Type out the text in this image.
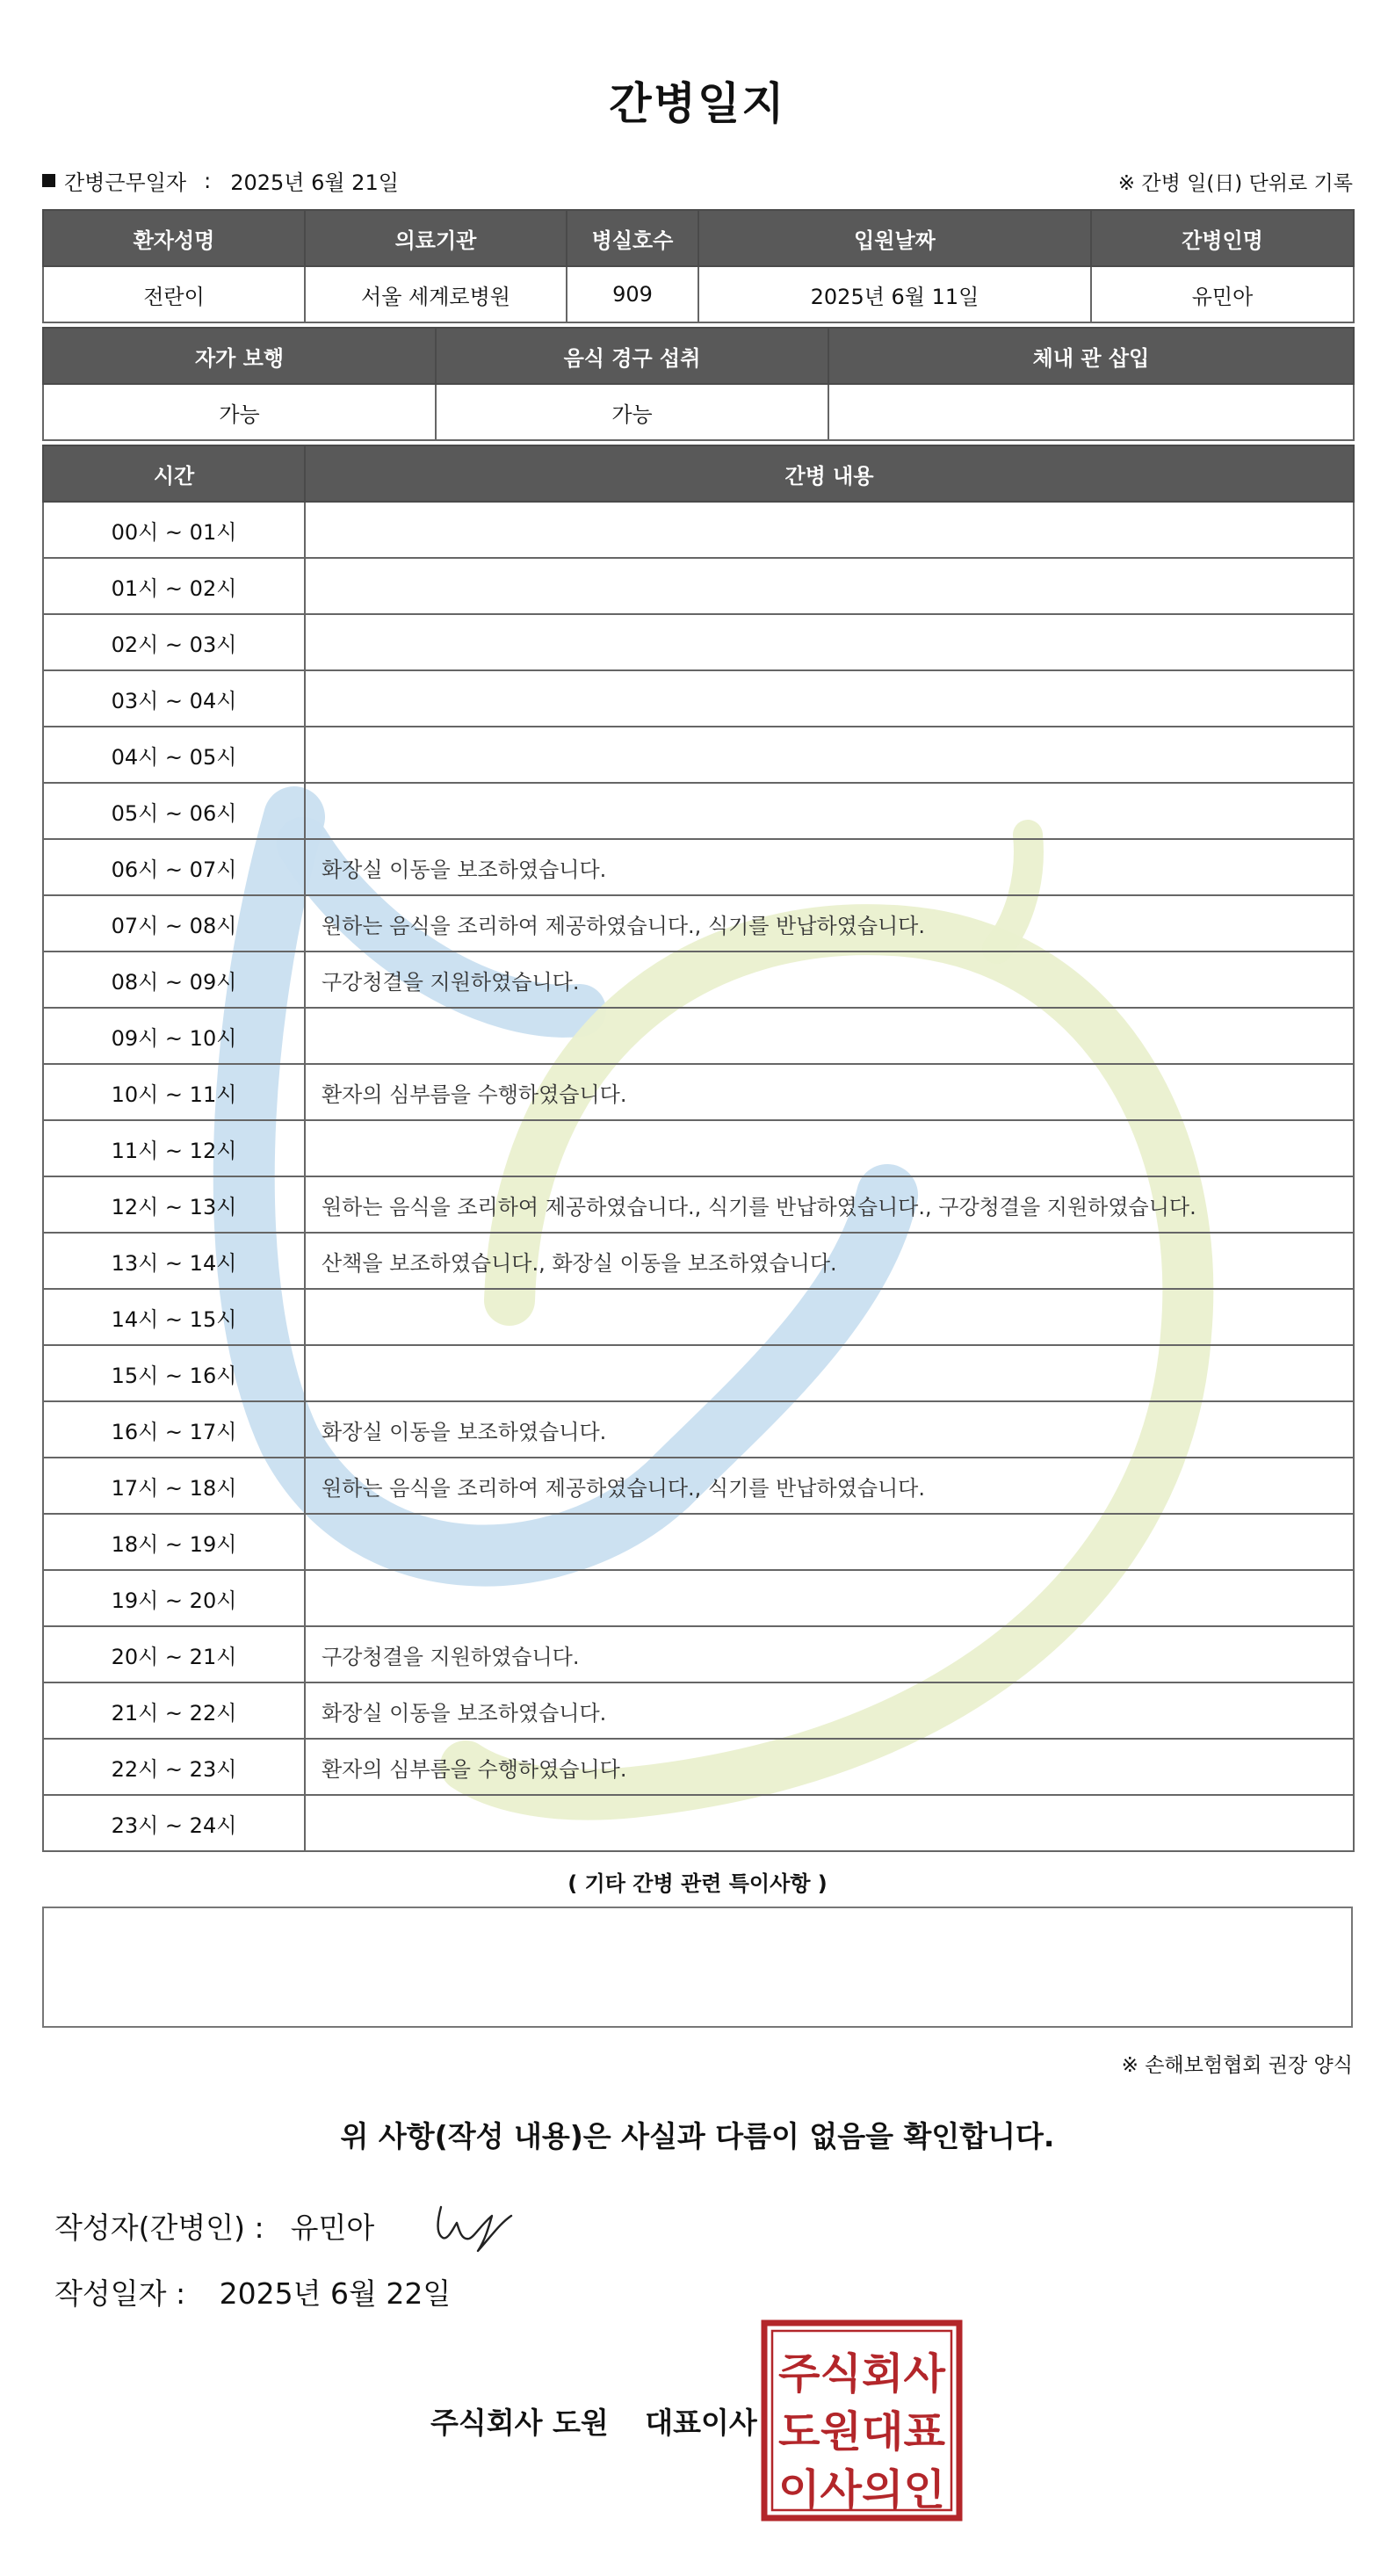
간병일지
간병근무일자 : 2025년 6월 21일	※ 간병 일(日) 단위로 기록
환자성명	의료기관	병실호수	입원날짜	간병인명
전란이	서울 세계로병원	909	2025년 6월 11일	유민아
자가 보행	음식 경구 섭취	체내 관 삽입
가능	가능	
시간	간병 내용
00시 ~ 01시	
01시 ~ 02시	
02시 ~ 03시	
03시 ~ 04시	
04시 ~ 05시	
05시 ~ 06시	
06시 ~ 07시	화장실 이동을 보조하였습니다.
07시 ~ 08시	원하는 음식을 조리하여 제공하였습니다., 식기를 반납하였습니다.
08시 ~ 09시	구강청결을 지원하였습니다.
09시 ~ 10시	
10시 ~ 11시	환자의 심부름을 수행하였습니다.
11시 ~ 12시	
12시 ~ 13시	원하는 음식을 조리하여 제공하였습니다., 식기를 반납하였습니다., 구강청결을 지원하였습니다.
13시 ~ 14시	산책을 보조하였습니다., 화장실 이동을 보조하였습니다.
14시 ~ 15시	
15시 ~ 16시	
16시 ~ 17시	화장실 이동을 보조하였습니다.
17시 ~ 18시	원하는 음식을 조리하여 제공하였습니다., 식기를 반납하였습니다.
18시 ~ 19시	
19시 ~ 20시	
20시 ~ 21시	구강청결을 지원하였습니다.
21시 ~ 22시	화장실 이동을 보조하였습니다.
22시 ~ 23시	환자의 심부름을 수행하였습니다.
23시 ~ 24시	
( 기타 간병 관련 특이사항 )
※ 손해보험협회 권장 양식
위 사항(작성 내용)은 사실과 다름이 없음을 확인합니다.
작성자(간병인) : 유민아
작성일자 : 2025년 6월 22일
주식회사 도원 대표이사
주식회사
도원대표
이사의인
